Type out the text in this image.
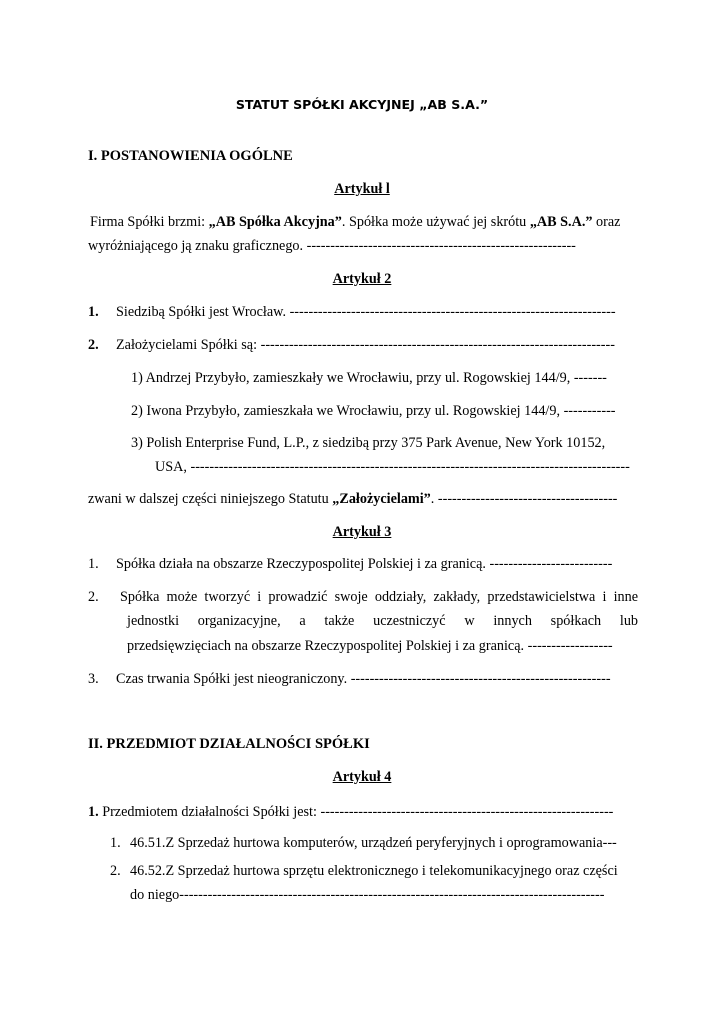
STATUT SPÓŁKI AKCYJNEJ „AB S.A.”
I. POSTANOWIENIA OGÓLNE
Artykuł l
Firma Spółki brzmi: „AB Spółka Akcyjna”. Spółka może używać jej skrótu „AB S.A.” oraz
wyróżniającego ją znaku graficznego. ---------------------------------------------------------
Artykuł 2
1. Siedzibą Spółki jest Wrocław. ---------------------------------------------------------------------
2. Założycielami Spółki są: ---------------------------------------------------------------------------
1) Andrzej Przybyło, zamieszkały we Wrocławiu, przy ul. Rogowskiej 144/9, -------
2) Iwona Przybyło, zamieszkała we Wrocławiu, przy ul. Rogowskiej 144/9, -----------
3) Polish Enterprise Fund, L.P., z siedzibą przy 375 Park Avenue, New York 10152,
USA, ---------------------------------------------------------------------------------------------
zwani w dalszej części niniejszego Statutu „Założycielami”. --------------------------------------
Artykuł 3
1. Spółka działa na obszarze Rzeczypospolitej Polskiej i za granicą. --------------------------
2. Spółka może tworzyć i prowadzić swoje oddziały, zakłady, przedstawicielstwa i inne
jednostki organizacyjne, a także uczestniczyć w innych spółkach lub
przedsięwzięciach na obszarze Rzeczypospolitej Polskiej i za granicą. ------------------
3. Czas trwania Spółki jest nieograniczony. -------------------------------------------------------
II. PRZEDMIOT DZIAŁALNOŚCI SPÓŁKI
Artykuł 4
1. Przedmiotem działalności Spółki jest: --------------------------------------------------------------
1. 46.51.Z Sprzedaż hurtowa komputerów, urządzeń peryferyjnych i oprogramowania---
2. 46.52.Z Sprzedaż hurtowa sprzętu elektronicznego i telekomunikacyjnego oraz części
do niego------------------------------------------------------------------------------------------
